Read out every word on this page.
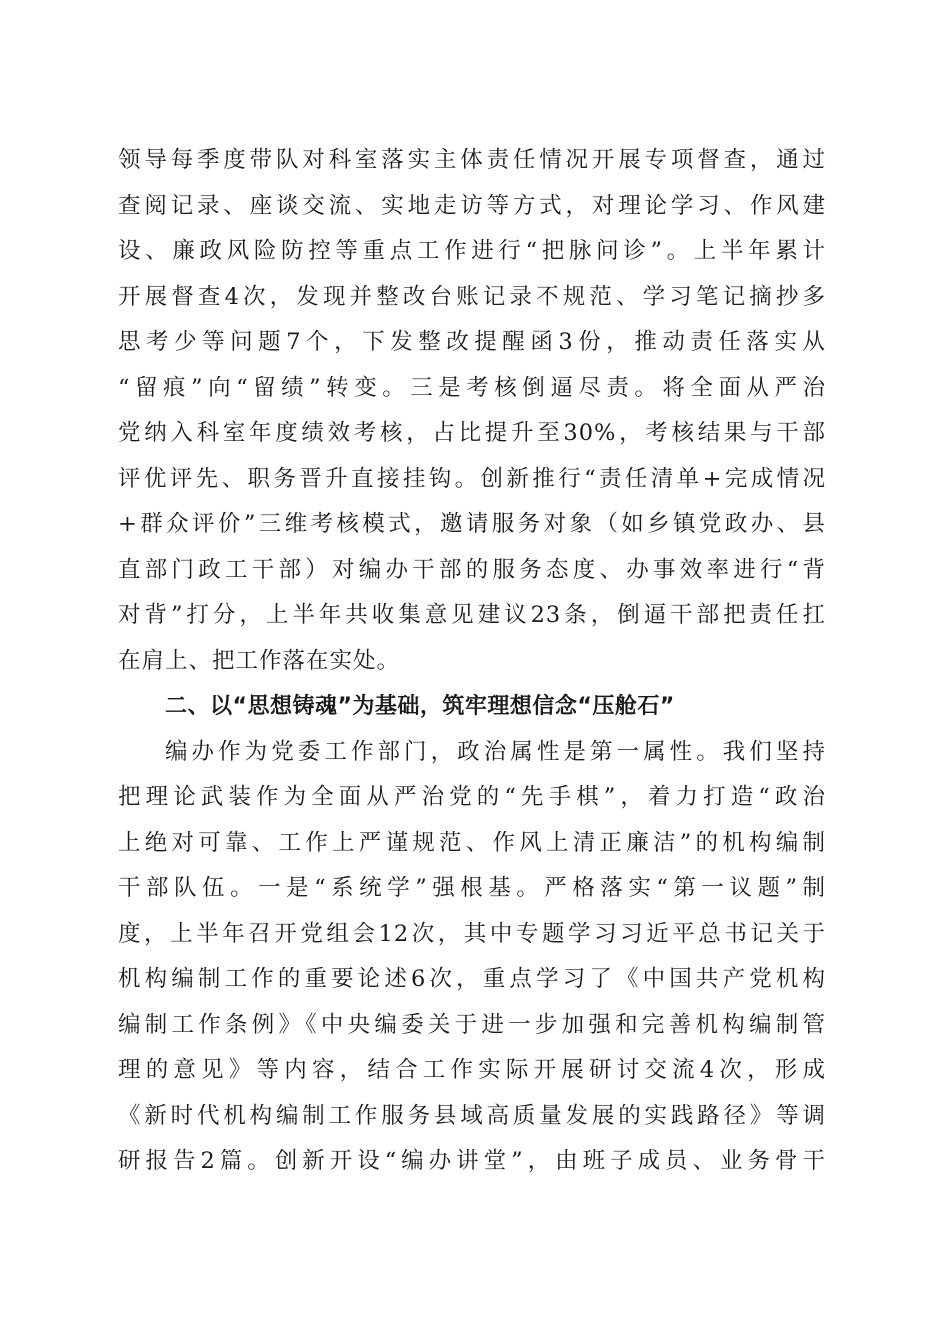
领导每季度带队对科室落实主体责任情况开展专项督查，通过
查阅记录、座谈交流、实地走访等方式，对理论学习、作风建
设、廉政风险防控等重点工作进行“把脉问诊”。上半年累计
开展督查4次，发现并整改台账记录不规范、学习笔记摘抄多
思考少等问题7个，下发整改提醒函3份，推动责任落实从
“留痕”向“留绩”转变。三是考核倒逼尽责。将全面从严治
党纳入科室年度绩效考核，占比提升至30%，考核结果与干部
评优评先、职务晋升直接挂钩。创新推行“责任清单+完成情况
+群众评价”三维考核模式，邀请服务对象（如乡镇党政办、县
直部门政工干部）对编办干部的服务态度、办事效率进行“背
对背”打分，上半年共收集意见建议23条，倒逼干部把责任扛
在肩上、把工作落在实处。
二、以“思想铸魂”为基础，筑牢理想信念“压舱石”
编办作为党委工作部门，政治属性是第一属性。我们坚持
把理论武装作为全面从严治党的“先手棋”，着力打造“政治
上绝对可靠、工作上严谨规范、作风上清正廉洁”的机构编制
干部队伍。一是“系统学”强根基。严格落实“第一议题”制
度，上半年召开党组会12次，其中专题学习习近平总书记关于
机构编制工作的重要论述6次，重点学习了《中国共产党机构
编制工作条例》《中央编委关于进一步加强和完善机构编制管
理的意见》等内容，结合工作实际开展研讨交流4次，形成
《新时代机构编制工作服务县域高质量发展的实践路径》等调
研报告2篇。创新开设“编办讲堂”，由班子成员、业务骨干
